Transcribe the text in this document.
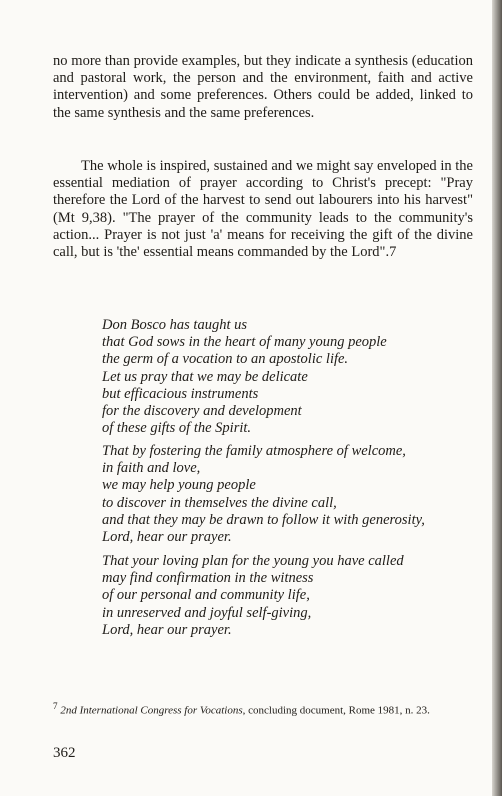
no more than provide examples, but they indicate a synthesis (education and pastoral work, the person and the environment, faith and active intervention) and some preferences. Others could be added, linked to the same synthesis and the same preferences.
The whole is inspired, sustained and we might say enveloped in the essential mediation of prayer according to Christ's precept: "Pray therefore the Lord of the harvest to send out labourers into his harvest" (Mt 9,38). "The prayer of the community leads to the community's action... Prayer is not just 'a' means for receiving the gift of the divine call, but is 'the' essential means commanded by the Lord".7
Don Bosco has taught us
that God sows in the heart of many young people
the germ of a vocation to an apostolic life.
Let us pray that we may be delicate
but efficacious instruments
for the discovery and development
of these gifts of the Spirit.
That by fostering the family atmosphere of welcome,
in faith and love,
we may help young people
to discover in themselves the divine call,
and that they may be drawn to follow it with generosity,
Lord, hear our prayer.
That your loving plan for the young you have called
may find confirmation in the witness
of our personal and community life,
in unreserved and joyful self-giving,
Lord, hear our prayer.
$^7$ 2nd International Congress for Vocations, concluding document, Rome 1981, n. 23.
362
